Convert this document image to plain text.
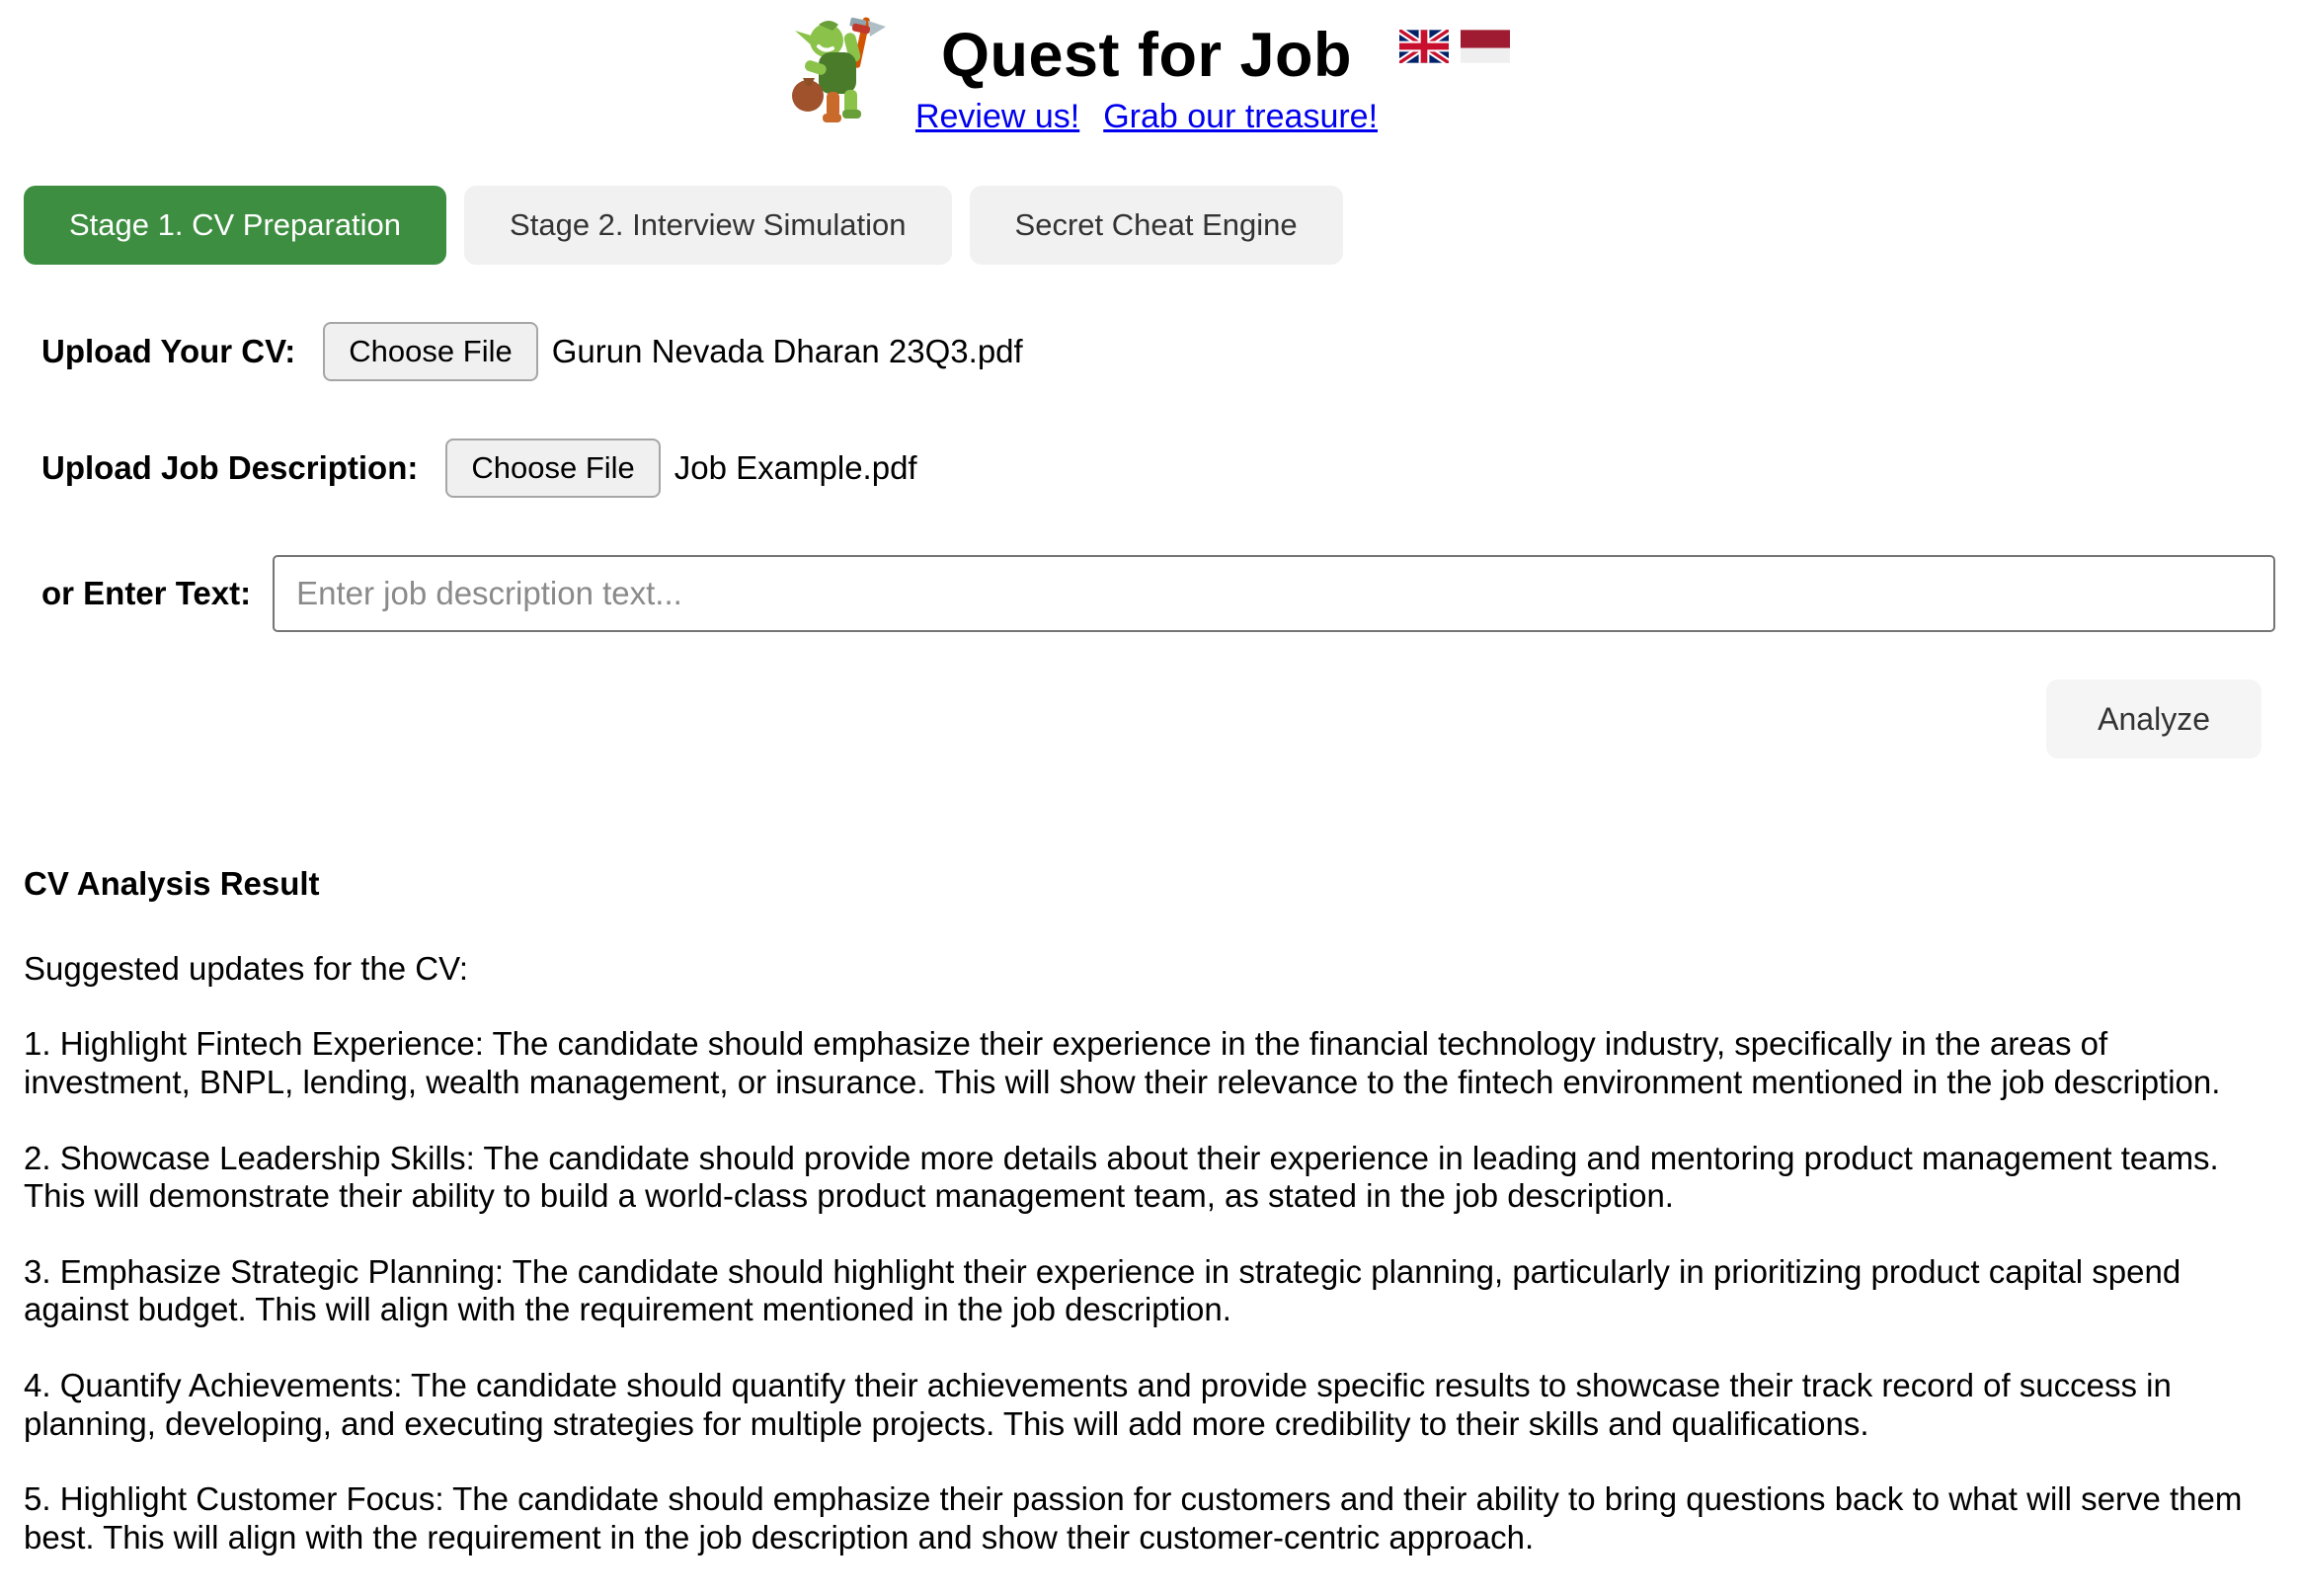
Quest for Job
Review us! Grab our treasure!
Stage 1. CV Preparation	Stage 2. Interview Simulation	Secret Cheat Engine
Upload Your CV:	Choose File	Gurun Nevada Dharan 23Q3.pdf
Upload Job Description:	Choose File	Job Example.pdf
or Enter Text:
Enter job description text...
Analyze
CV Analysis Result

Suggested updates for the CV:

1. Highlight Fintech Experience: The candidate should emphasize their experience in the financial technology industry, specifically in the areas of investment, BNPL, lending, wealth management, or insurance. This will show their relevance to the fintech environment mentioned in the job description.

2. Showcase Leadership Skills: The candidate should provide more details about their experience in leading and mentoring product management teams. This will demonstrate their ability to build a world-class product management team, as stated in the job description.

3. Emphasize Strategic Planning: The candidate should highlight their experience in strategic planning, particularly in prioritizing product capital spend against budget. This will align with the requirement mentioned in the job description.

4. Quantify Achievements: The candidate should quantify their achievements and provide specific results to showcase their track record of success in planning, developing, and executing strategies for multiple projects. This will add more credibility to their skills and qualifications.

5. Highlight Customer Focus: The candidate should emphasize their passion for customers and their ability to bring questions back to what will serve them best. This will align with the requirement in the job description and show their customer-centric approach.
